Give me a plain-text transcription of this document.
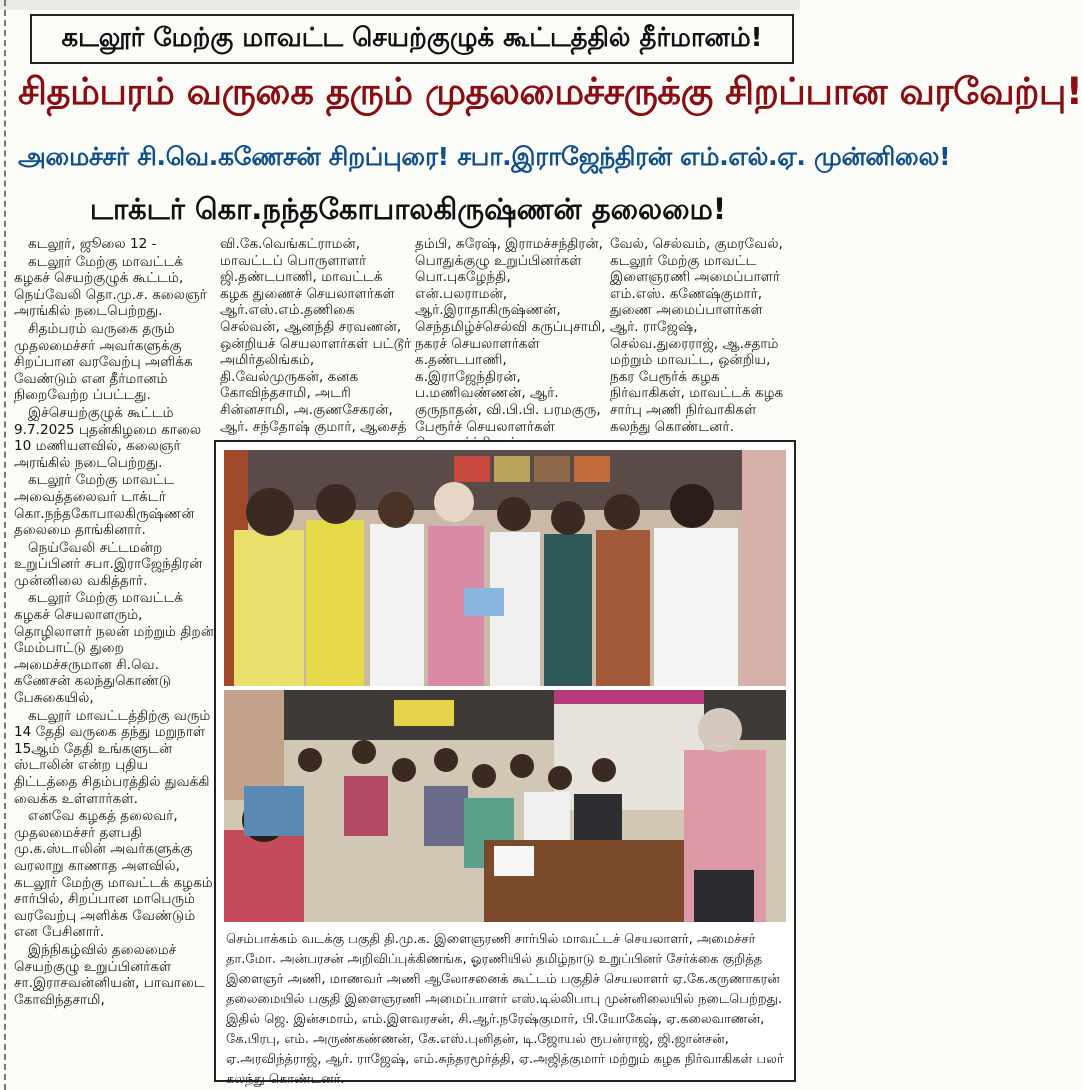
கடலூர் மேற்கு மாவட்ட செயற்குழுக் கூட்டத்தில் தீர்மானம்!
சிதம்பரம் வருகை தரும் முதலமைச்சருக்கு சிறப்பான வரவேற்பு!
அமைச்சர் சி.வெ.கணேசன் சிறப்புரை! சபா.இராஜேந்திரன் எம்.எல்.ஏ. முன்னிலை!
டாக்டர் கொ.நந்தகோபாலகிருஷ்ணன் தலைமை!

கடலூர், ஜூலை 12 -

கடலூர் மேற்கு மாவட்டக் கழகச் செயற்குழுக் கூட்டம், நெய்வேலி தொ.மு.ச. கலைஞர் அரங்கில் நடைபெற்றது.

சிதம்பரம் வருகை தரும் முதலமைச்சர் அவர்களுக்கு சிறப்பான வரவேற்பு அளிக்க வேண்டும் என தீர்மானம் நிறைவேற்ற ப்பட்டது.

இச்செயற்குழுக் கூட்டம் 9.7.2025 புதன்கிழமை காலை 10 மணியளவில், கலைஞர் அரங்கில் நடைபெற்றது.

கடலூர் மேற்கு மாவட்ட அவைத்தலைவர் டாக்டர் கொ.நந்தகோபாலகிருஷ்ணன் தலைமை தாங்கினார்.

நெய்வேலி சட்டமன்ற உறுப்பினர் சபா.இராஜேந்திரன் முன்னிலை வகித்தார்.

கடலூர் மேற்கு மாவட்டக் கழகச் செயலாளரும், தொழிலாளர் நலன் மற்றும் திறன் மேம்பாட்டு துறை அமைச்சருமான சி.வெ. கணேசன் கலந்துகொண்டு பேசுகையில்,

கடலூர் மாவட்டத்திற்கு வரும் 14 தேதி வருகை தந்து மறுநாள் 15ஆம் தேதி உங்களுடன் ஸ்டாலின் என்ற புதிய திட்டத்தை சிதம்பரத்தில் துவக்கி வைக்க உள்ளார்கள்.

எனவே கழகத் தலைவர், முதலமைச்சர் தளபதி மு.க.ஸ்டாலின் அவர்களுக்கு வரலாறு காணாத அளவில், கடலூர் மேற்கு மாவட்டக் கழகம் சார்பில், சிறப்பான மாபெரும் வரவேற்பு அளிக்க வேண்டும் என பேசினார்.

இந்நிகழ்வில் தலைமைச் செயற்குழு உறுப்பினர்கள் சா.இராசவன்னியன், பாவாடை கோவிந்தசாமி,

வி.கே.வெங்கட்ராமன், மாவட்டப் பொருளாளர் ஜி.தண்டபாணி, மாவட்டக் கழக துணைச் செயலாளர்கள் ஆர்.எஸ்.எம்.தணிகை செல்வன், ஆனந்தி சரவணன், ஒன்றியச் செயலாளர்கள் பட்டூர் அமிர்தலிங்கம், தி.வேல்முருகன், கனக கோவிந்தசாமி, அடரி சின்னசாமி, அ.குணசேகரன், ஆர். சந்தோஷ் குமார், ஆசைத்
தம்பி, சுரேஷ், இராமச்சந்திரன், பொதுக்குழு உறுப்பினர்கள் பொ.புகழேந்தி, என்.பலராமன், ஆர்.இராதாகிருஷ்ணன், செந்தமிழ்ச்செல்வி கருப்புசாமி, நகரச் செயலாளர்கள் க.தண்டபாணி, க.இராஜேந்திரன், ப.மணிவண்ணன், ஆர். குருநாதன், வி.பி.பி. பரமகுரு, பேரூர்ச் செயலாளர்கள்
வேல், செல்வம், குமரவேல், கடலூர் மேற்கு மாவட்ட இளைஞரணி அமைப்பாளர் எம்.எஸ். கணேஷ்குமார், துணை அமைப்பாளர்கள் ஆர். ராஜேஷ், செல்வ.துரைராஜ், ஆ.சதாம் மற்றும் மாவட்ட, ஒன்றிய, நகர பேரூர்க் கழக நிர்வாகிகள், மாவட்டக் கழக சார்பு அணி நிர்வாகிகள் கலந்து கொண்டனர்.
செம்பாக்கம் வடக்கு பகுதி தி.மு.க. இளைஞரணி சார்பில் மாவட்டச் செயலாளர், அமைச்சர் தா.மோ. அன்பரசன் அறிவிப்புக்கிணங்க, ஓரணியில் தமிழ்நாடு உறுப்பினர் சேர்க்கை குறித்த இளைஞர் அணி, மாணவர் அணி ஆலோசனைக் கூட்டம் பகுதிச் செயலாளர் ஏ.கே.கருணாகரன் தலைமையில் பகுதி இளைஞரணி அமைப்பாளர் எஸ்.டில்லிபாபு முன்னிலையில் நடைபெற்றது. இதில் ஜெ. இன்சமாம், எம்.இளவரசன், சி.ஆர்.நரேஷ்குமார், பி.யோகேஷ், ஏ.கலைவாணன், கே.பிரபு, எம். அருண்கண்ணன், கே.எஸ்.புனிதன், டி.ஜோயல் ரூபன்ராஜ், ஜி.ஜான்சன், ஏ.அரவிந்த்ராஜ், ஆர். ராஜேஷ், எம்.சுந்தரமூர்த்தி, ஏ.அஜித்குமார் மற்றும் கழக நிர்வாகிகள் பலர் கலந்து கொண்டனர்.
